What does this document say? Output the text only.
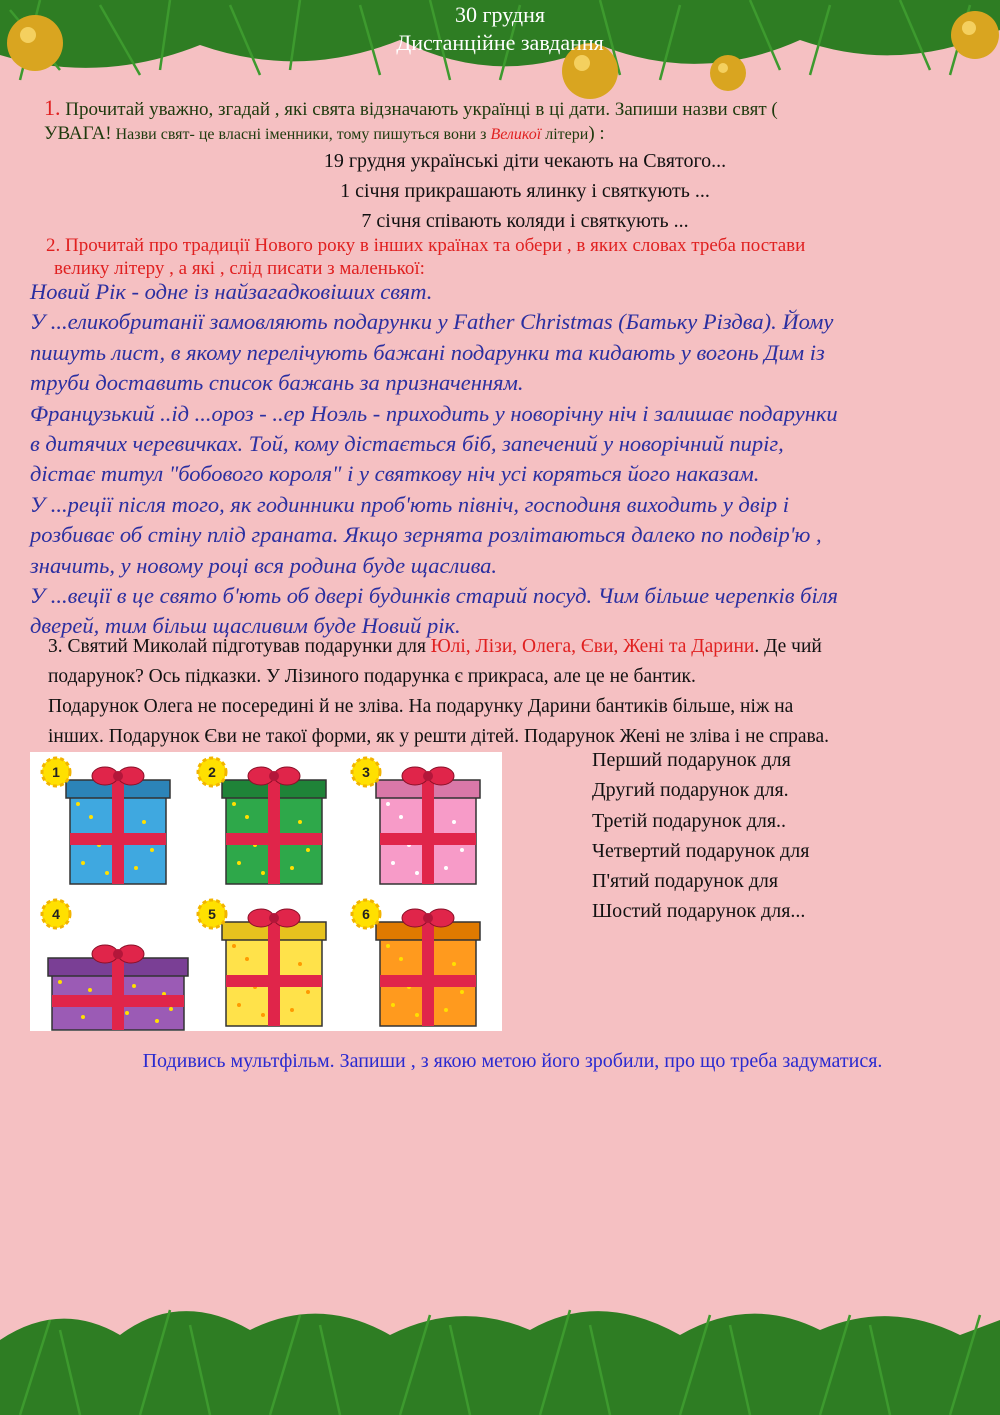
30 грудня
Дистанційне завдання
1. Прочитай уважно, згадай , які свята відзначають українці в ці дати. Запиши назви свят (
УВАГА! Назви свят- це власні іменники, тому пишуться вони з Великої літери) :
19 грудня українські діти чекають на Святого...
1 січня прикрашають ялинку і святкують ...
7 січня співають коляди і святкують ...
2. Прочитай про традиції Нового року в інших країнах та обери , в яких словах треба постави
велику літеру , а які , слід писати з маленької:
Новий Рік - одне із найзагадковіших свят.
У ...еликобританії замовляють подарунки у Father Christmas (Батьку Різдва). Йому
пишуть лист, в якому перелічують бажані подарунки та кидають у вогонь Дим із
труби доставить список бажань за призначенням.
Французький ..ід ...ороз - ..ер Ноэль - приходить у новорічну ніч і залишає подарунки
в дитячих черевичках. Той, кому дістається біб, запечений у новорічний пиріг,
дістає титул "бобового короля" і у святкову ніч усі коряться його наказам.
У ...реції після того, як годинники проб'ють північ, господиня виходить у двір і
розбиває об стіну плід граната. Якщо зернята розлітаються далеко по подвір'ю ,
значить, у новому році вся родина буде щаслива.
У ...веції в це свято б'ють об двері будинків старий посуд. Чим більше черепків біля
дверей, тим більш щасливим буде Новий рік.
3. Святий Миколай підготував подарунки для Юлі, Лізи, Олега, Єви, Жені та Дарини. Де чий
подарунок? Ось підказки. У Лізиного подарунка є прикраса, але це не бантик.
Подарунок Олега не посередині й не зліва. На подарунку Дарини бантиків більше, ніж на
інших. Подарунок Єви не такої форми, як у решти дітей. Подарунок Жені не зліва і не справа.
1	2	3
4	5	6
Перший подарунок для
Другий подарунок для.
Третій подарунок для..
Четвертий подарунок для
П'ятий подарунок для
Шостий подарунок для...
Подивись мультфільм. Запиши , з якою метою його зробили, про що треба задуматися.
